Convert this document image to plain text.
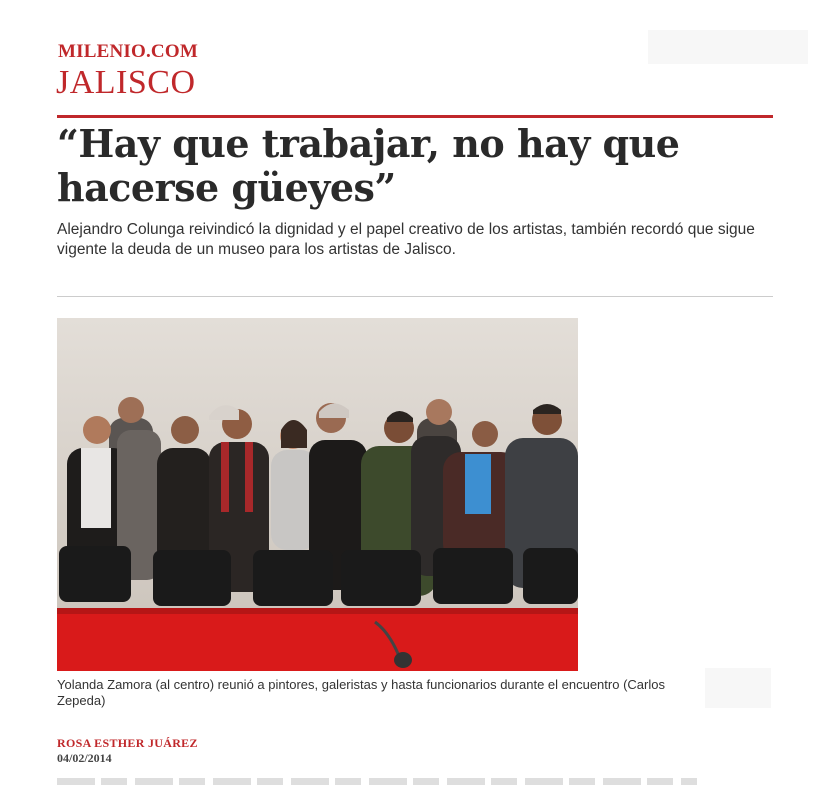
MILENIO.COM
JALISCO
“Hay que trabajar, no hay que
hacerse güeyes”
Alejandro Colunga reivindicó la dignidad y el papel creativo de los artistas, también recordó que sigue vigente la deuda de un museo para los artistas de Jalisco.
Yolanda Zamora (al centro) reunió a pintores, galeristas y hasta funcionarios durante el encuentro (Carlos Zepeda)
ROSA ESTHER JUÁREZ
04/02/2014
